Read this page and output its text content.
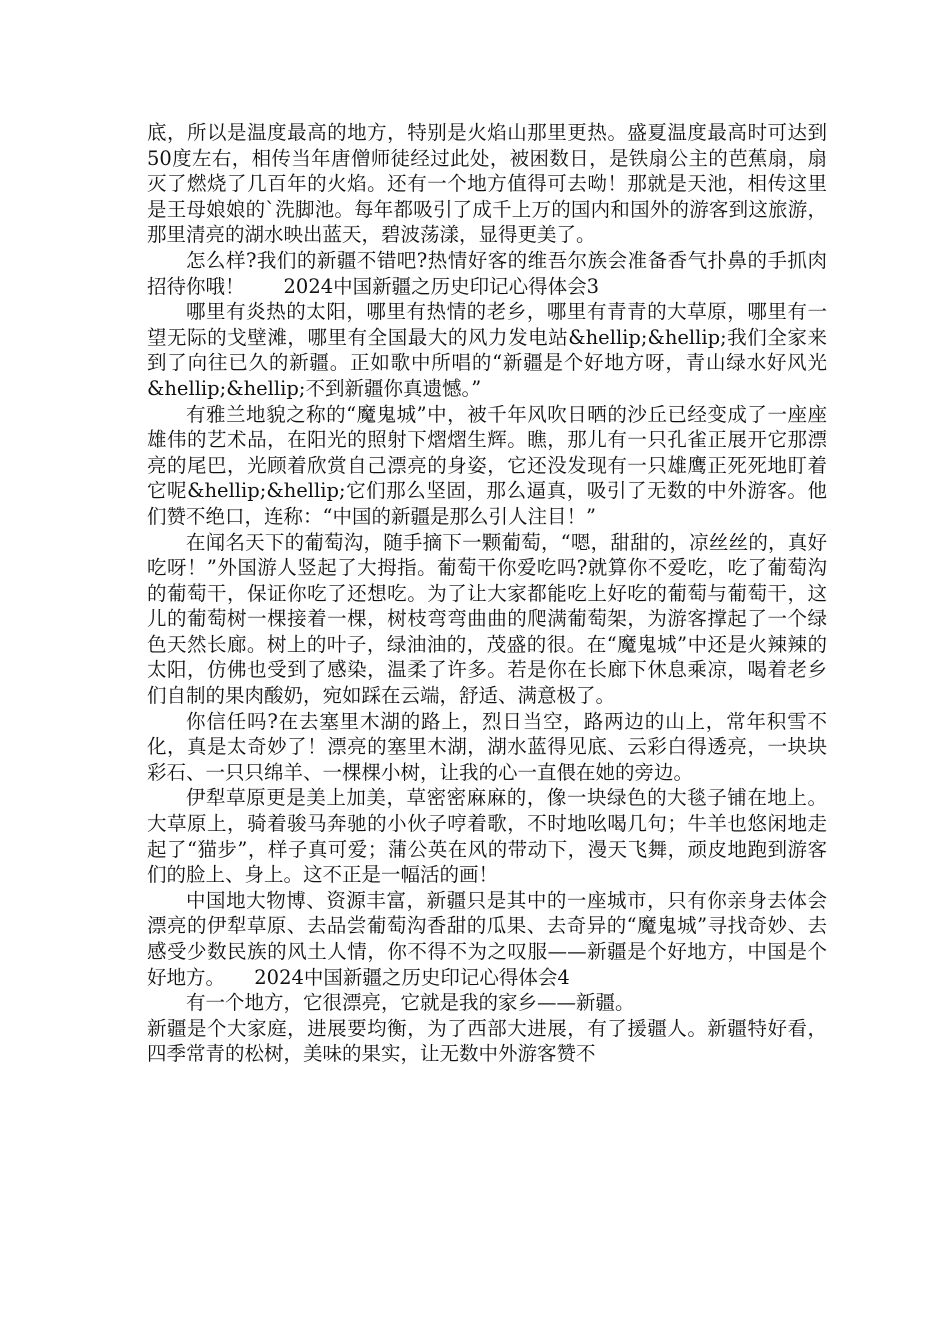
底，所以是温度最高的地方，特别是火焰山那里更热。盛夏温度最高时可达到50度左右，相传当年唐僧师徒经过此处，被困数日，是铁扇公主的芭蕉扇，扇灭了燃烧了几百年的火焰。还有一个地方值得可去呦！那就是天池，相传这里是王母娘娘的`洗脚池。每年都吸引了成千上万的国内和国外的游客到这旅游，那里清亮的湖水映出蓝天，碧波荡漾，显得更美了。

怎么样?我们的新疆不错吧?热情好客的维吾尔族会准备香气扑鼻的手抓肉招待你哦！　　2024中国新疆之历史印记心得体会3

哪里有炎热的太阳，哪里有热情的老乡，哪里有青青的大草原，哪里有一望无际的戈壁滩，哪里有全国最大的风力发电站&hellip;&hellip;我们全家来到了向往已久的新疆。正如歌中所唱的“新疆是个好地方呀，青山绿水好风光&hellip;&hellip;不到新疆你真遗憾。”

有雅兰地貌之称的“魔鬼城”中，被千年风吹日晒的沙丘已经变成了一座座雄伟的艺术品，在阳光的照射下熠熠生辉。瞧，那儿有一只孔雀正展开它那漂亮的尾巴，光顾着欣赏自己漂亮的身姿，它还没发现有一只雄鹰正死死地盯着它呢&hellip;&hellip;它们那么坚固，那么逼真，吸引了无数的中外游客。他们赞不绝口，连称：“中国的新疆是那么引人注目！”

在闻名天下的葡萄沟，随手摘下一颗葡萄，“嗯，甜甜的，凉丝丝的，真好吃呀！”外国游人竖起了大拇指。葡萄干你爱吃吗?就算你不爱吃，吃了葡萄沟的葡萄干，保证你吃了还想吃。为了让大家都能吃上好吃的葡萄与葡萄干，这儿的葡萄树一棵接着一棵，树枝弯弯曲曲的爬满葡萄架，为游客撑起了一个绿色天然长廊。树上的叶子，绿油油的，茂盛的很。在“魔鬼城”中还是火辣辣的太阳，仿佛也受到了感染，温柔了许多。若是你在长廊下休息乘凉，喝着老乡们自制的果肉酸奶，宛如踩在云端，舒适、满意极了。

你信任吗?在去塞里木湖的路上，烈日当空，路两边的山上，常年积雪不化，真是太奇妙了！漂亮的塞里木湖，湖水蓝得见底、云彩白得透亮，一块块彩石、一只只绵羊、一棵棵小树，让我的心一直偎在她的旁边。

伊犁草原更是美上加美，草密密麻麻的，像一块绿色的大毯子铺在地上。大草原上，骑着骏马奔驰的小伙子哼着歌，不时地吆喝几句；牛羊也悠闲地走起了“猫步”，样子真可爱；蒲公英在风的带动下，漫天飞舞，顽皮地跑到游客们的脸上、身上。这不正是一幅活的画！

中国地大物博、资源丰富，新疆只是其中的一座城市，只有你亲身去体会漂亮的伊犁草原、去品尝葡萄沟香甜的瓜果、去奇异的“魔鬼城”寻找奇妙、去感受少数民族的风土人情，你不得不为之叹服——新疆是个好地方，中国是个好地方。　　2024中国新疆之历史印记心得体会4

有一个地方，它很漂亮，它就是我的家乡——新疆。

新疆是个大家庭，进展要均衡，为了西部大进展，有了援疆人。新疆特好看，四季常青的松树，美味的果实，让无数中外游客赞不
